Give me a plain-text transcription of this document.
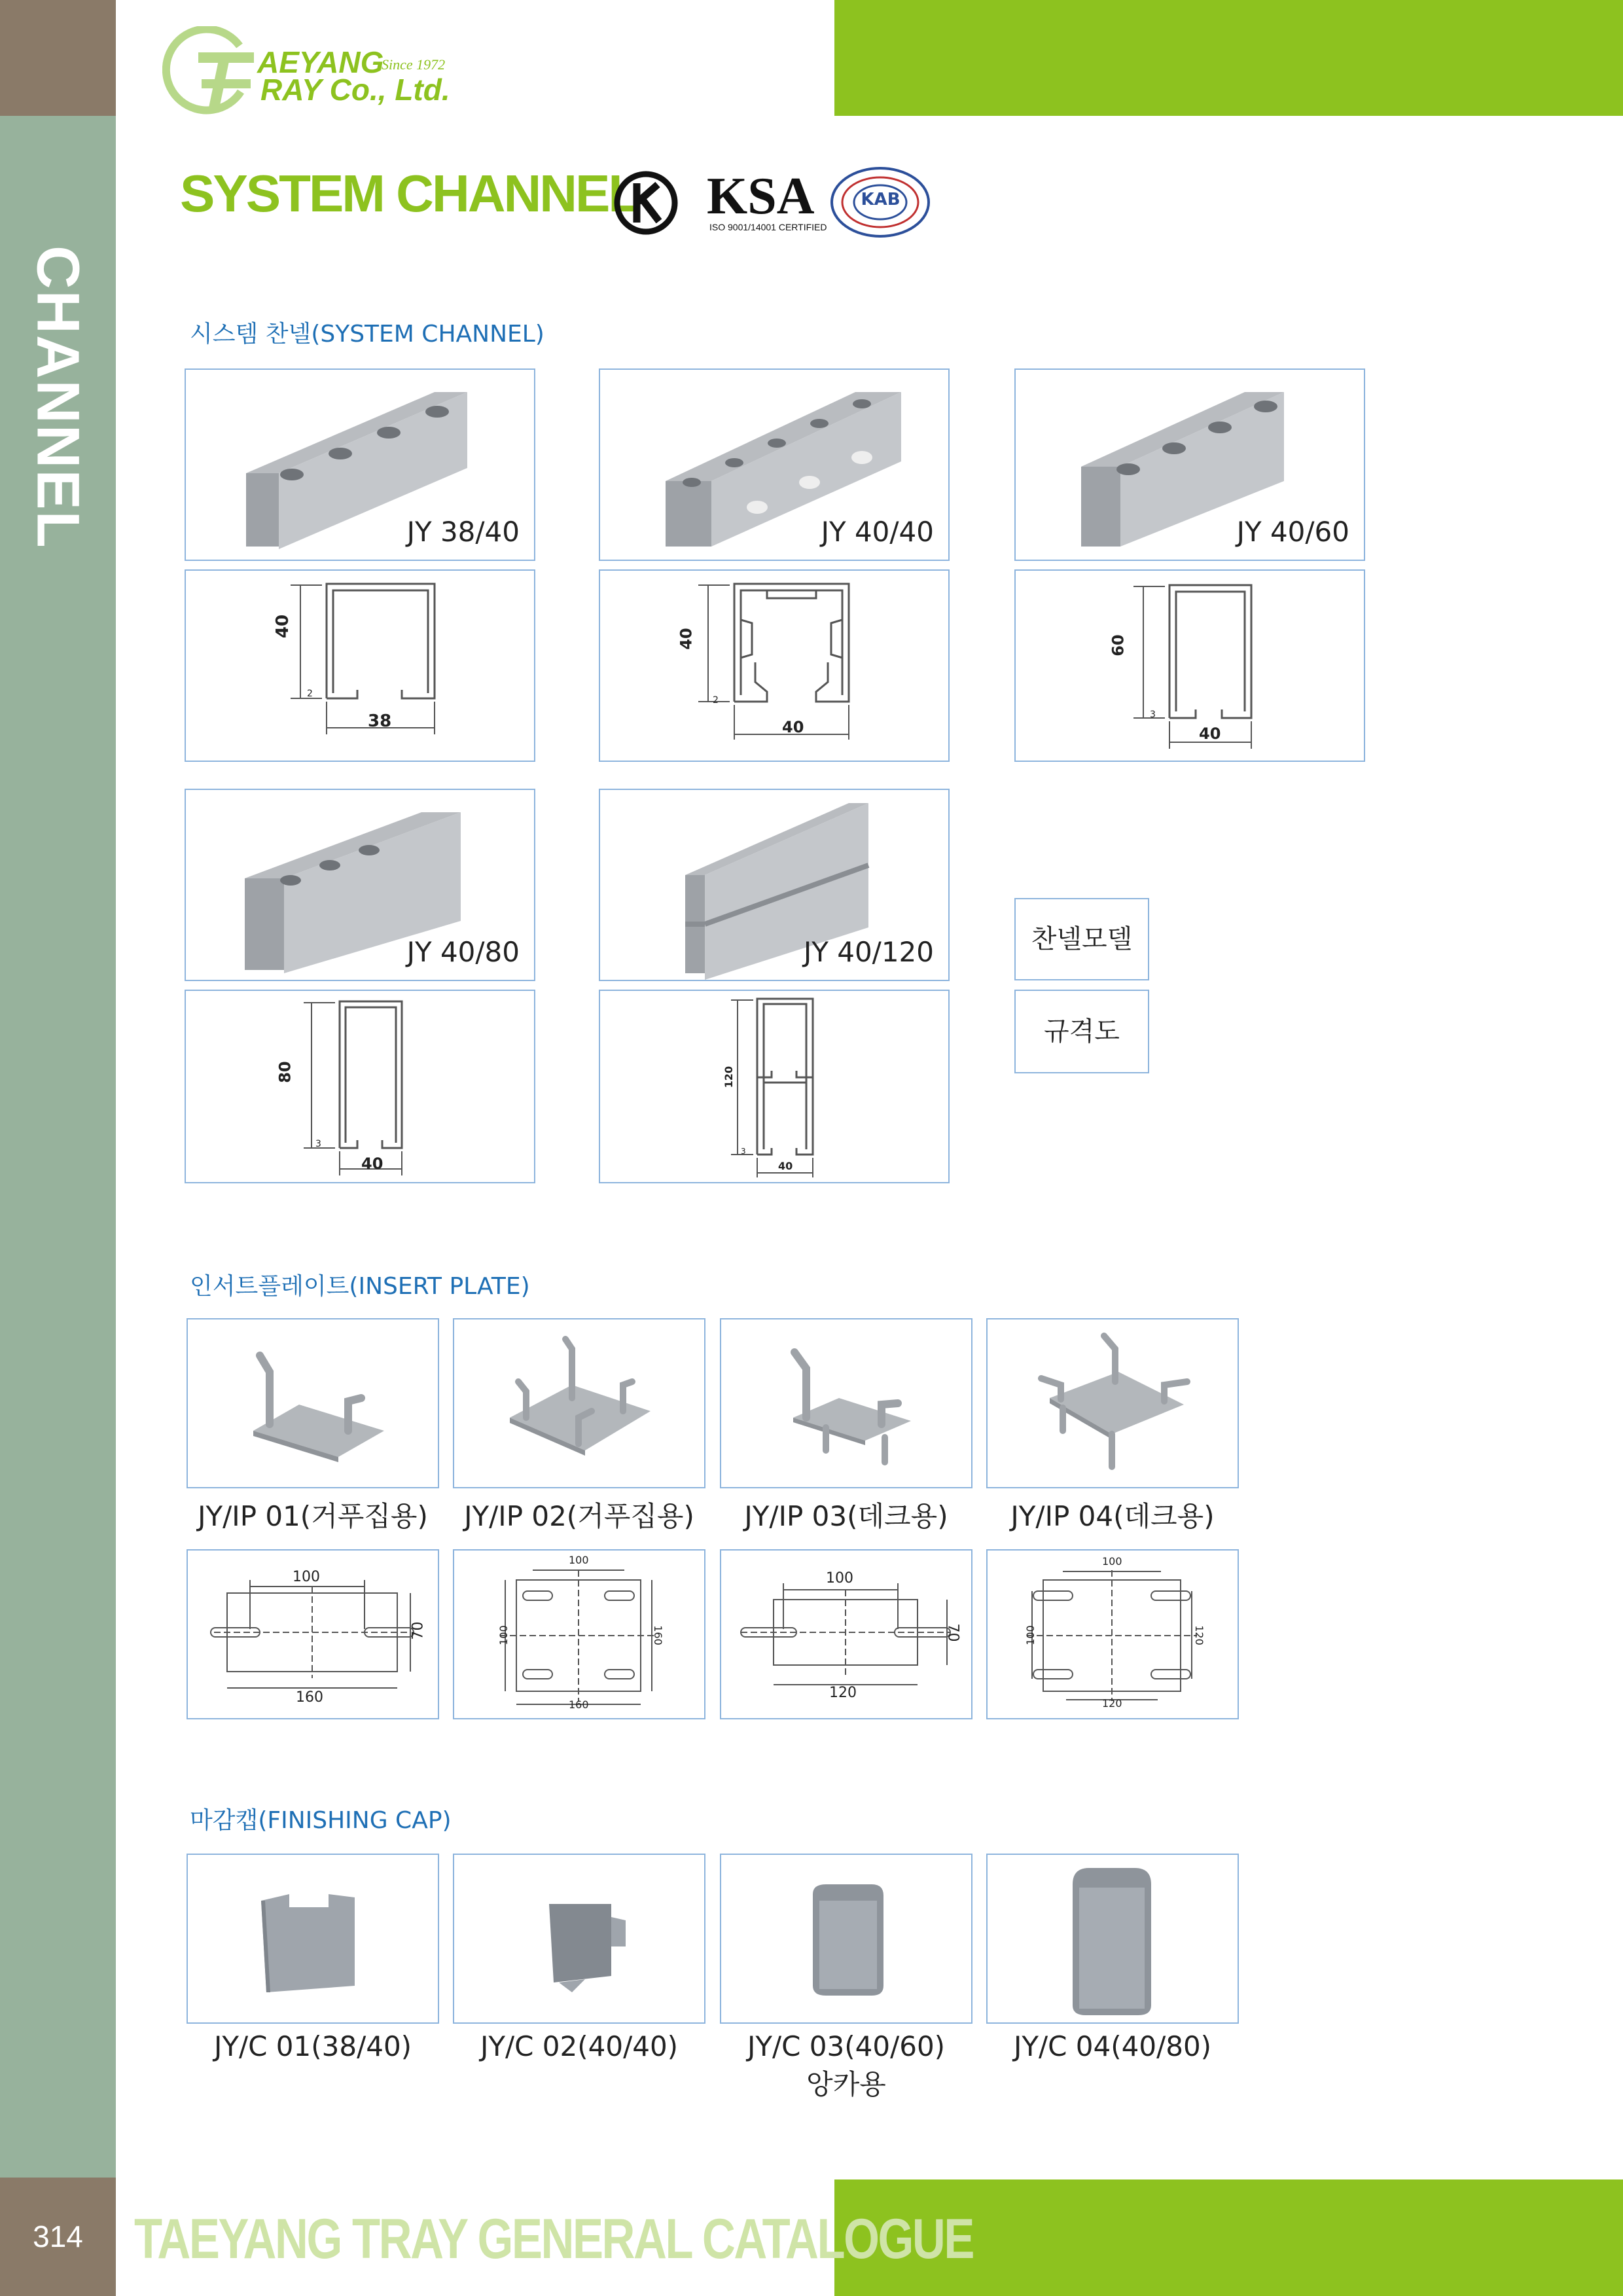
CHANNEL
314 TAEYANG TRAY GENERAL CATALOGUE
AEYANG
RAY Co., Ltd.
Since 1972
SYSTEM CHANNEL KSA
ISO 9001/14001 CERTIFIED
KAB
시스템 찬넬(SYSTEM CHANNEL)
JY 38/40	JY 40/40	JY 40/60
40
38
2
40
40
2
60
40
3
JY 40/80	JY 40/120	찬넬모델
규격도
80
40
3
120
40
3
인서트플레이트(INSERT PLATE)
JY/IP 01(거푸집용)	JY/IP 02(거푸집용)	JY/IP 03(데크용)	JY/IP 04(데크용)
100
160
70
100
160
100	160
100
120
70
100
120
100	120
마감캡(FINISHING CAP)
JY/C 01(38/40)	JY/C 02(40/40)	JY/C 03(40/60)
앙카용
JY/C 04(40/80)
